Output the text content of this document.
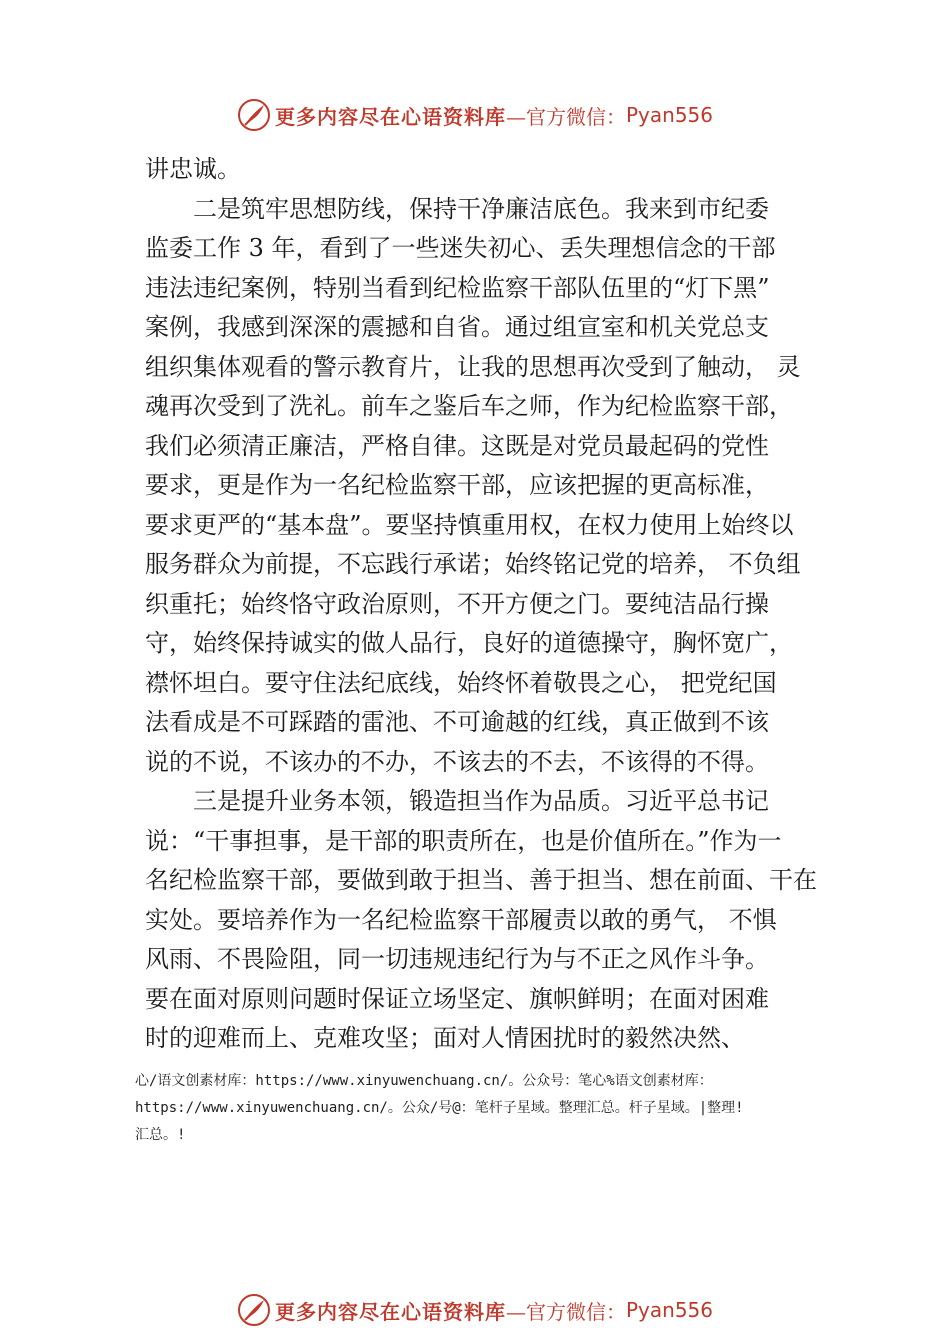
更多内容尽在心语资料库 —官方微信： Pyan556
讲忠诚。
二是筑牢思想防线，保持干净廉洁底色。我来到市纪委
监委工作 3 年，看到了一些迷失初心、丢失理想信念的干部
违法违纪案例，特别当看到纪检监察干部队伍里的“灯下黑”
案例，我感到深深的震撼和自省。通过组宣室和机关党总支
组织集体观看的警示教育片，让我的思想再次受到了触动， 灵
魂再次受到了洗礼。前车之鉴后车之师，作为纪检监察干部，
我们必须清正廉洁，严格自律。这既是对党员最起码的党性
要求，更是作为一名纪检监察干部，应该把握的更高标准，
要求更严的“基本盘”。要坚持慎重用权，在权力使用上始终以
服务群众为前提，不忘践行承诺；始终铭记党的培养， 不负组
织重托；始终恪守政治原则，不开方便之门。要纯洁品行操
守，始终保持诚实的做人品行，良好的道德操守，胸怀宽广，
襟怀坦白。要守住法纪底线，始终怀着敬畏之心， 把党纪国
法看成是不可踩踏的雷池、不可逾越的红线，真正做到不该
说的不说，不该办的不办，不该去的不去，不该得的不得。
三是提升业务本领，锻造担当作为品质。习近平总书记
说：“干事担事，是干部的职责所在，也是价值所在。”作为一
名纪检监察干部，要做到敢于担当、善于担当、想在前面、干在
实处。要培养作为一名纪检监察干部履责以敢的勇气， 不惧
风雨、不畏险阻，同一切违规违纪行为与不正之风作斗争。
要在面对原则问题时保证立场坚定、旗帜鲜明；在面对困难
时的迎难而上、克难攻坚；面对人情困扰时的毅然决然、
心/语文创素材库：https://www.xinyuwenchuang.cn/。公众号：笔心%语文创素材库：
https://www.xinyuwenchuang.cn/。公众/号@：笔杆子星域。整理汇总。杆子星域。|整理!
汇总。!
更多内容尽在心语资料库 —官方微信： Pyan556
